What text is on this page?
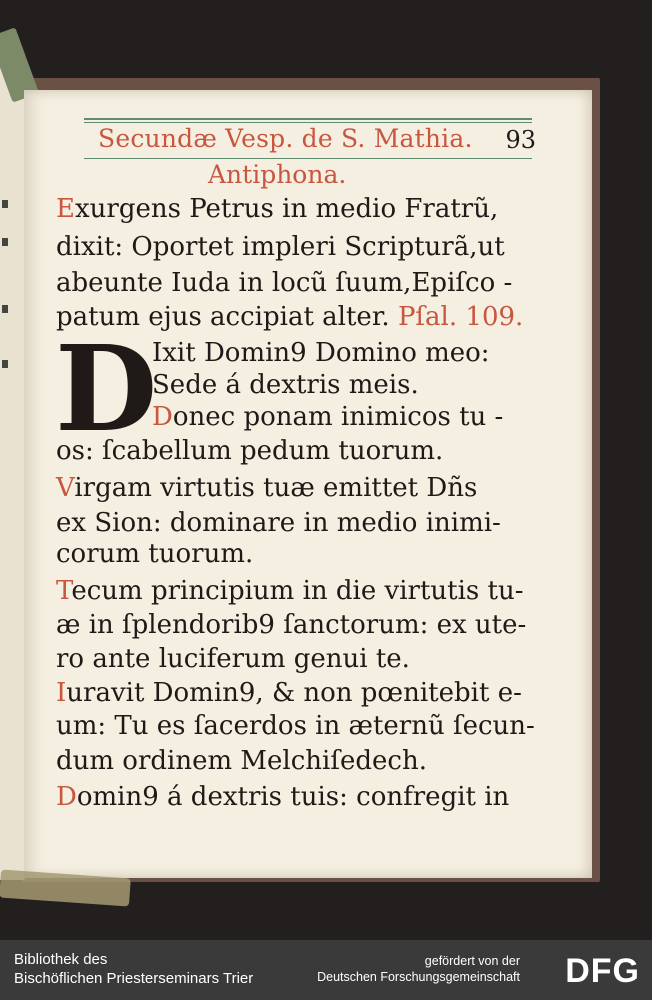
Secundæ Vesp. de S. Mathia. 93
Antiphona.
Exurgens Petrus in medio Fratrũ,
dixit: Oportet impleri Scripturã,ut
abeunte Iuda in locũ ſuum,Epiſco -
patum ejus accipiat alter. Pſal. 109.
D
Ixit Domin9 Domino meo:
Sede á dextris meis.
Donec ponam inimicos tu -
os: ſcabellum pedum tuorum.
Virgam virtutis tuæ emittet Dñs
ex Sion: dominare in medio inimi-
corum tuorum.
Tecum principium in die virtutis tu-
æ in ſplendorib9 ſanctorum: ex ute-
ro ante luciferum genui te.
Iuravit Domin9, & non pœnitebit e-
um: Tu es ſacerdos in æternũ ſecun-
dum ordinem Melchiſedech.
Domin9 á dextris tuis: confregit in
Bibliothek des
Bischöflichen Priesterseminars Trier
gefördert von der
Deutschen Forschungsgemeinschaft DFG
